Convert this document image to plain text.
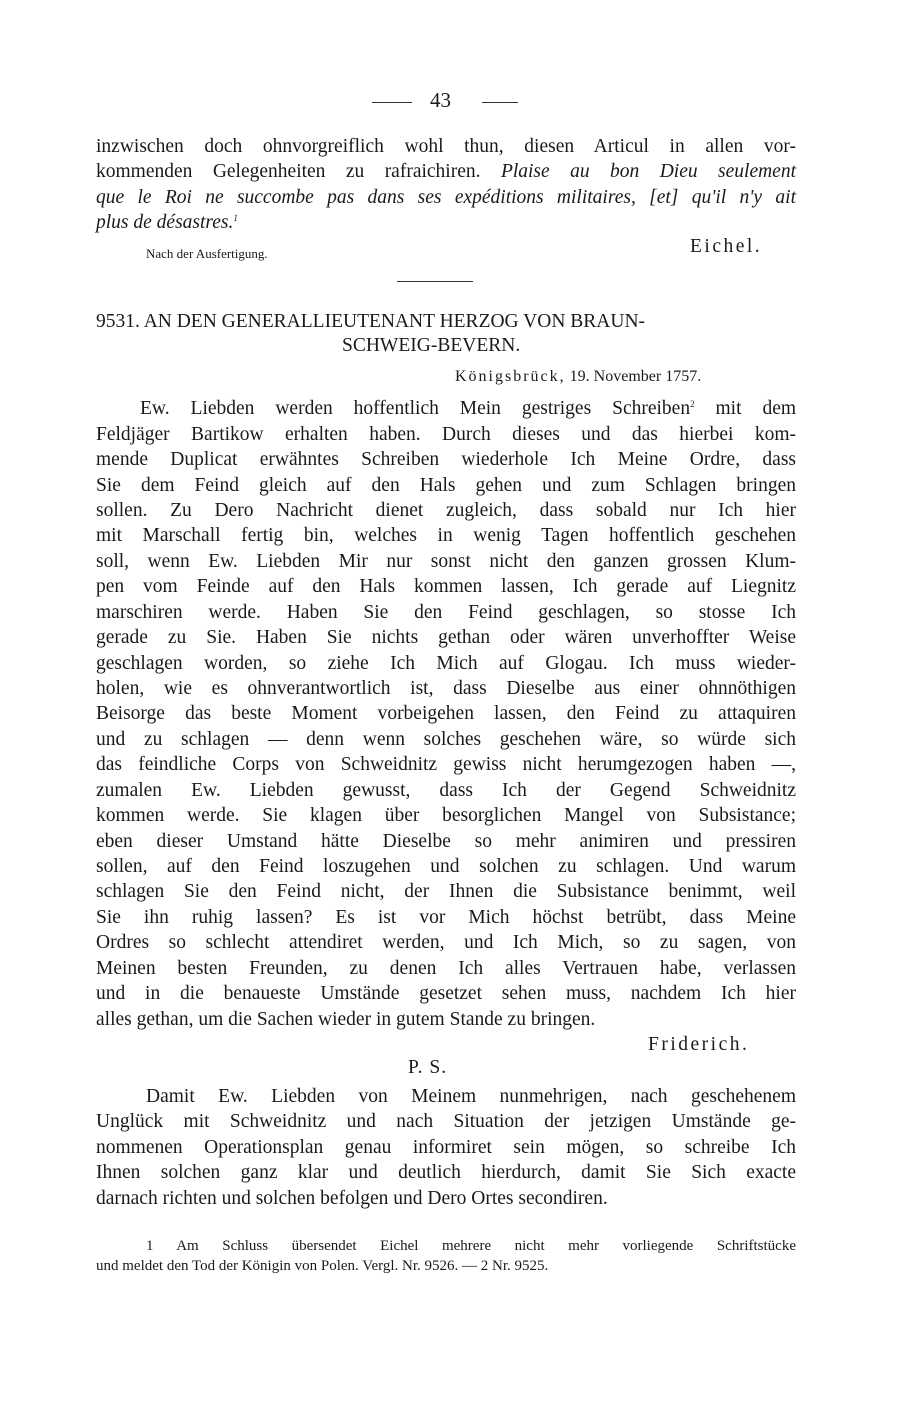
43
inzwischen doch ohnvorgreiflich wohl thun, diesen Articul in allen vor-
kommenden Gelegenheiten zu rafraichiren. Plaise au bon Dieu seulement
que le Roi ne succombe pas dans ses expéditions militaires, [et] qu'il n'y ait
plus de désastres.$^1$
Nach der Ausfertigung.	Eichel.
9531. AN DEN GENERALLIEUTENANT HERZOG VON BRAUN-
SCHWEIG-BEVERN.
Königsbrück, 19. November 1757.
Ew. Liebden werden hoffentlich Mein gestriges Schreiben$^2$ mit dem
Feldjäger Bartikow erhalten haben. Durch dieses und das hierbei kom-
mende Duplicat erwähntes Schreiben wiederhole Ich Meine Ordre, dass
Sie dem Feind gleich auf den Hals gehen und zum Schlagen bringen
sollen. Zu Dero Nachricht dienet zugleich, dass sobald nur Ich hier
mit Marschall fertig bin, welches in wenig Tagen hoffentlich geschehen
soll, wenn Ew. Liebden Mir nur sonst nicht den ganzen grossen Klum-
pen vom Feinde auf den Hals kommen lassen, Ich gerade auf Liegnitz
marschiren werde. Haben Sie den Feind geschlagen, so stosse Ich
gerade zu Sie. Haben Sie nichts gethan oder wären unverhoffter Weise
geschlagen worden, so ziehe Ich Mich auf Glogau. Ich muss wieder-
holen, wie es ohnverantwortlich ist, dass Dieselbe aus einer ohnnöthigen
Beisorge das beste Moment vorbeigehen lassen, den Feind zu attaquiren
und zu schlagen — denn wenn solches geschehen wäre, so würde sich
das feindliche Corps von Schweidnitz gewiss nicht herumgezogen haben —,
zumalen Ew. Liebden gewusst, dass Ich der Gegend Schweidnitz
kommen werde. Sie klagen über besorglichen Mangel von Subsistance;
eben dieser Umstand hätte Dieselbe so mehr animiren und pressiren
sollen, auf den Feind loszugehen und solchen zu schlagen. Und warum
schlagen Sie den Feind nicht, der Ihnen die Subsistance benimmt, weil
Sie ihn ruhig lassen? Es ist vor Mich höchst betrübt, dass Meine
Ordres so schlecht attendiret werden, und Ich Mich, so zu sagen, von
Meinen besten Freunden, zu denen Ich alles Vertrauen habe, verlassen
und in die benaueste Umstände gesetzet sehen muss, nachdem Ich hier
alles gethan, um die Sachen wieder in gutem Stande zu bringen.
Friderich.
P. S.
Damit Ew. Liebden von Meinem nunmehrigen, nach geschehenem
Unglück mit Schweidnitz und nach Situation der jetzigen Umstände ge-
nommenen Operationsplan genau informiret sein mögen, so schreibe Ich
Ihnen solchen ganz klar und deutlich hierdurch, damit Sie Sich exacte
darnach richten und solchen befolgen und Dero Ortes secondiren.
1 Am Schluss übersendet Eichel mehrere nicht mehr vorliegende Schriftstücke
und meldet den Tod der Königin von Polen. Vergl. Nr. 9526. — 2 Nr. 9525.
